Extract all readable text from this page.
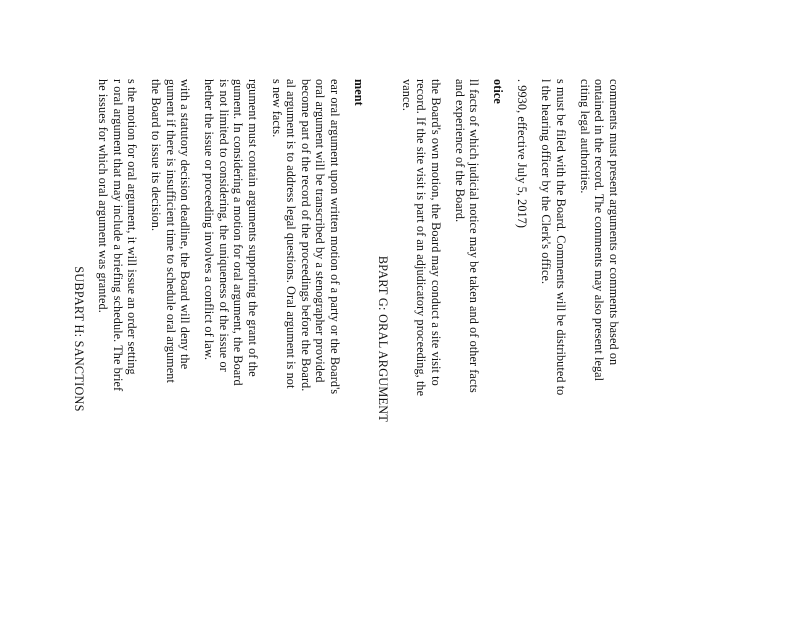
comments must present arguments or comments based on
ontained in the record. The comments may also present legal
citing legal authorities.
s must be filed with the Board. Comments will be distributed to
l the hearing officer by the Clerk's office.
. 9930, effective July 5, 2017)
otice
ll facts of which judicial notice may be taken and of other facts
and experience of the Board.
the Board's own motion, the Board may conduct a site visit to
record. If the site visit is part of an adjudicatory proceeding, the
vance.
BPART G: ORAL ARGUMENT
ment
ear oral argument upon written motion of a party or the Board's
oral argument will be transcribed by a stenographer provided
become part of the record of the proceedings before the Board.
al argument is to address legal questions. Oral argument is not
s new facts.
rgument must contain arguments supporting the grant of the
gument. In considering a motion for oral argument, the Board
is not limited to considering, the uniqueness of the issue or
hether the issue or proceeding involves a conflict of law.
with a statutory decision deadline, the Board will deny the
gument if there is insufficient time to schedule oral argument
the Board to issue its decision.
s the motion for oral argument, it will issue an order setting
r oral argument that may include a briefing schedule. The brief
he issues for which oral argument was granted.
SUBPART H: SANCTIONS
